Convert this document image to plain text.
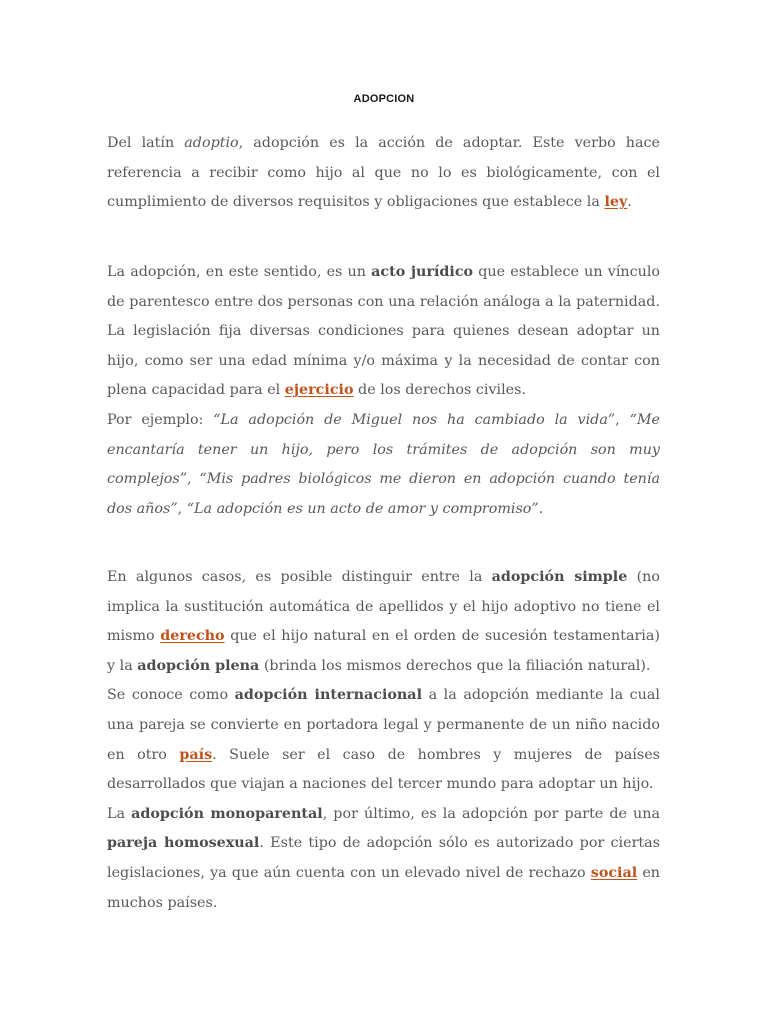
ADOPCION

Del latín adoptio, adopción es la acción de adoptar. Este verbo hace referencia a recibir como hijo al que no lo es biológicamente, con el cumplimiento de diversos requisitos y obligaciones que establece la ley.

La adopción, en este sentido, es un acto jurídico que establece un vínculo de parentesco entre dos personas con una relación análoga a la paternidad. La legislación fija diversas condiciones para quienes desean adoptar un hijo, como ser una edad mínima y/o máxima y la necesidad de contar con plena capacidad para el ejercicio de los derechos civiles.

Por ejemplo: “La adopción de Miguel nos ha cambiado la vida”, “Me encantaría tener un hijo, pero los trámites de adopción son muy complejos”, “Mis padres biológicos me dieron en adopción cuando tenía dos años”, “La adopción es un acto de amor y compromiso”.

En algunos casos, es posible distinguir entre la adopción simple (no implica la sustitución automática de apellidos y el hijo adoptivo no tiene el mismo derecho que el hijo natural en el orden de sucesión testamentaria) y la adopción plena (brinda los mismos derechos que la filiación natural).

Se conoce como adopción internacional a la adopción mediante la cual una pareja se convierte en portadora legal y permanente de un niño nacido en otro país. Suele ser el caso de hombres y mujeres de países desarrollados que viajan a naciones del tercer mundo para adoptar un hijo.

La adopción monoparental, por último, es la adopción por parte de una pareja homosexual. Este tipo de adopción sólo es autorizado por ciertas legislaciones, ya que aún cuenta con un elevado nivel de rechazo social en muchos países.
